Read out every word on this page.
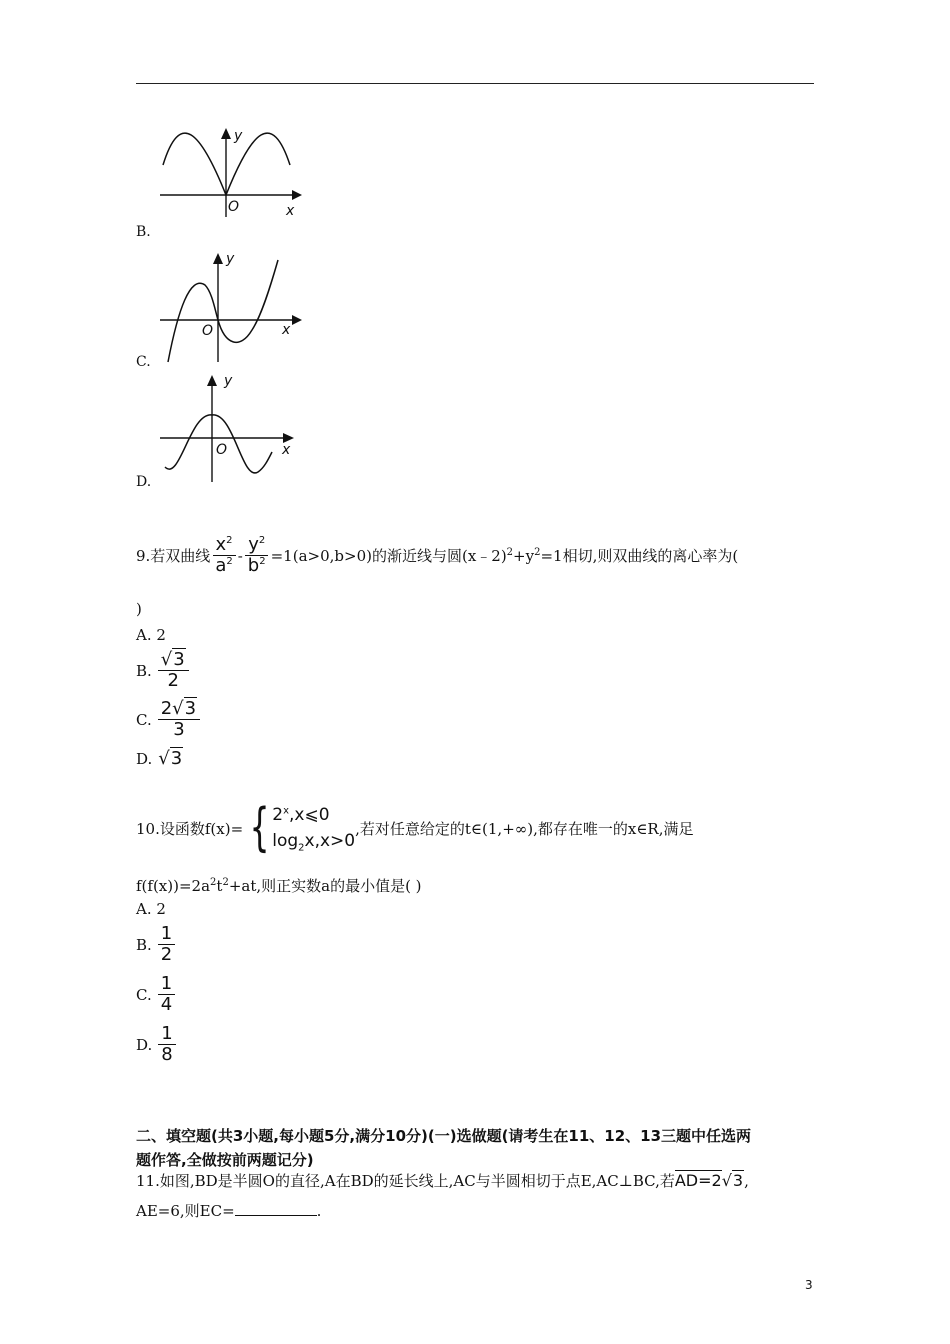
y
O	x
B.
y
O	x
C.
y
O	x
D.
9.若双曲线 $\frac{x^2}{a^2} - \frac{y^2}{b^2} =1(a>0,b>0)$的渐近线与圆$(x﹣2)^2+y^2=1$相切,则双曲线的离心率为(
)
A. 2
B. $\frac{√3}{2}$
C. $\frac{2√3}{3}$
D. √3
10.设函数f(x)= { 2$^x$,x⩽0
$\log_2x,x>0$
,若对任意给定的t∈(1,+∞),都存在唯一的x∈R,满足
$f(f(x))=2a^2t^2+at$,则正实数a的最小值是( )
A. 2
B. $\frac{1}{2}$
C. $\frac{1}{4}$
D. $\frac{1}{8}$
二、填空题(共3小题,每小题5分,满分10分)(一)选做题(请考生在11、12、13三题中任选两
题作答,全做按前两题记分)
11.如图,BD是半圆O的直径,A在BD的延长线上,AC与半圆相切于点E,AC⊥BC,若 AD=2√3 ,
AE=6,则EC=	.
3
